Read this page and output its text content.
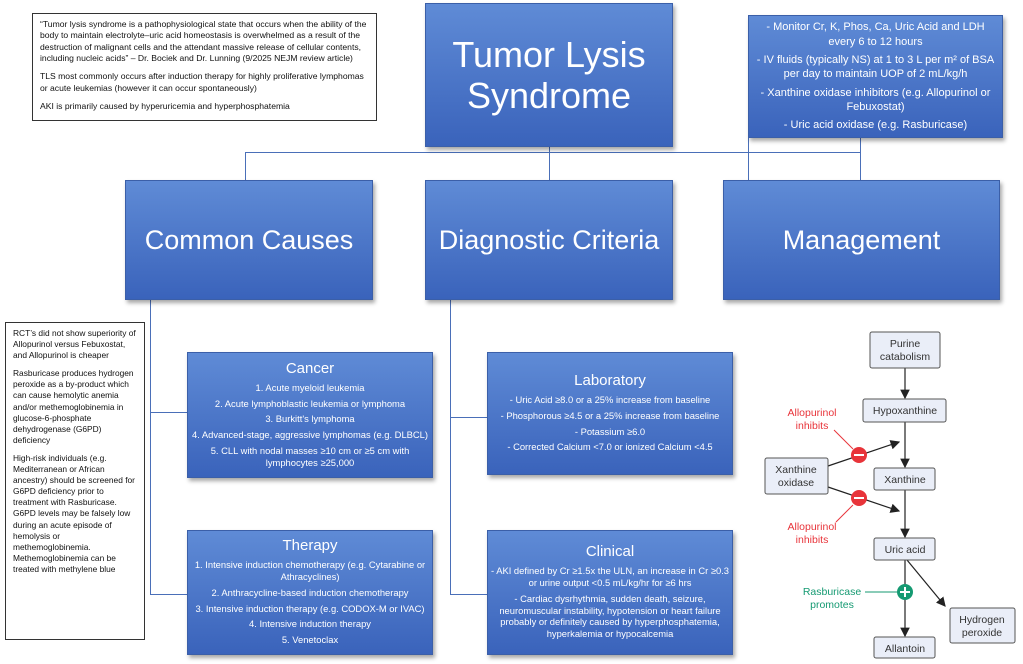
“Tumor lysis syndrome is a pathophysiological state that occurs when the ability of the body to maintain electrolyte–uric acid homeostasis is overwhelmed as a result of the destruction of malignant cells and the attendant massive release of cellular contents, including nucleic acids” – Dr. Bociek and Dr. Lunning (9/2025 NEJM review article)

TLS most commonly occurs after induction therapy for highly proliferative lymphomas or acute leukemias (however it can occur spontaneously)

AKI is primarily caused by hyperuricemia and hyperphosphatemia

Tumor Lysis Syndrome
- Monitor Cr, K, Phos, Ca, Uric Acid and LDH every 6 to 12 hours
- IV fluids (typically NS) at 1 to 3 L per m² of BSA per day to maintain UOP of 2 mL/kg/h
- Xanthine oxidase inhibitors (e.g. Allopurinol or Febuxostat)
- Uric acid oxidase (e.g. Rasburicase)
Common Causes	Diagnostic Criteria	Management

RCT’s did not show superiority of Allopurinol versus Febuxostat, and Allopurinol is cheaper

Rasburicase produces hydrogen peroxide as a by-product which can cause hemolytic anemia and/or methemoglobinemia in glucose-6-phosphate dehydrogenase (G6PD) deficiency

High-risk individuals (e.g. Mediterranean or African ancestry) should be screened for G6PD deficiency prior to treatment with Rasburicase. G6PD levels may be falsely low during an acute episode of hemolysis or methemoglobinemia. Methemoglobinemia can be treated with methylene blue

Cancer
1. Acute myeloid leukemia
2. Acute lymphoblastic leukemia or lymphoma
3. Burkitt's lymphoma
4. Advanced-stage, aggressive lymphomas (e.g. DLBCL)
5. CLL with nodal masses ≥10 cm or ≥5 cm with lymphocytes ≥25,000
Therapy
1. Intensive induction chemotherapy (e.g. Cytarabine or Athracyclines)
2. Anthracycline-based induction chemotherapy
3. Intensive induction therapy (e.g. CODOX-M or IVAC)
4. Intensive induction therapy
5. Venetoclax
Laboratory
- Uric Acid ≥8.0 or a 25% increase from baseline
- Phosphorous ≥4.5 or a 25% increase from baseline
- Potassium ≥6.0
- Corrected Calcium <7.0 or ionized Calcium <4.5
Clinical
- AKI defined by Cr ≥1.5x the ULN, an increase in Cr ≥0.3 or urine output <0.5 mL/kg/hr for ≥6 hrs
- Cardiac dysrhythmia, sudden death, seizure, neuromuscular instability, hypotension or heart failure probably or definitely caused by hyperphosphatemia, hyperkalemia or hypocalcemia
Purine
catabolism
Hypoxanthine
Xanthine
Uric acid
Allantoin
Hydrogen
peroxide
Xanthine
oxidase
Allopurinol
inhibits
Allopurinol
inhibits
Rasburicase
promotes
